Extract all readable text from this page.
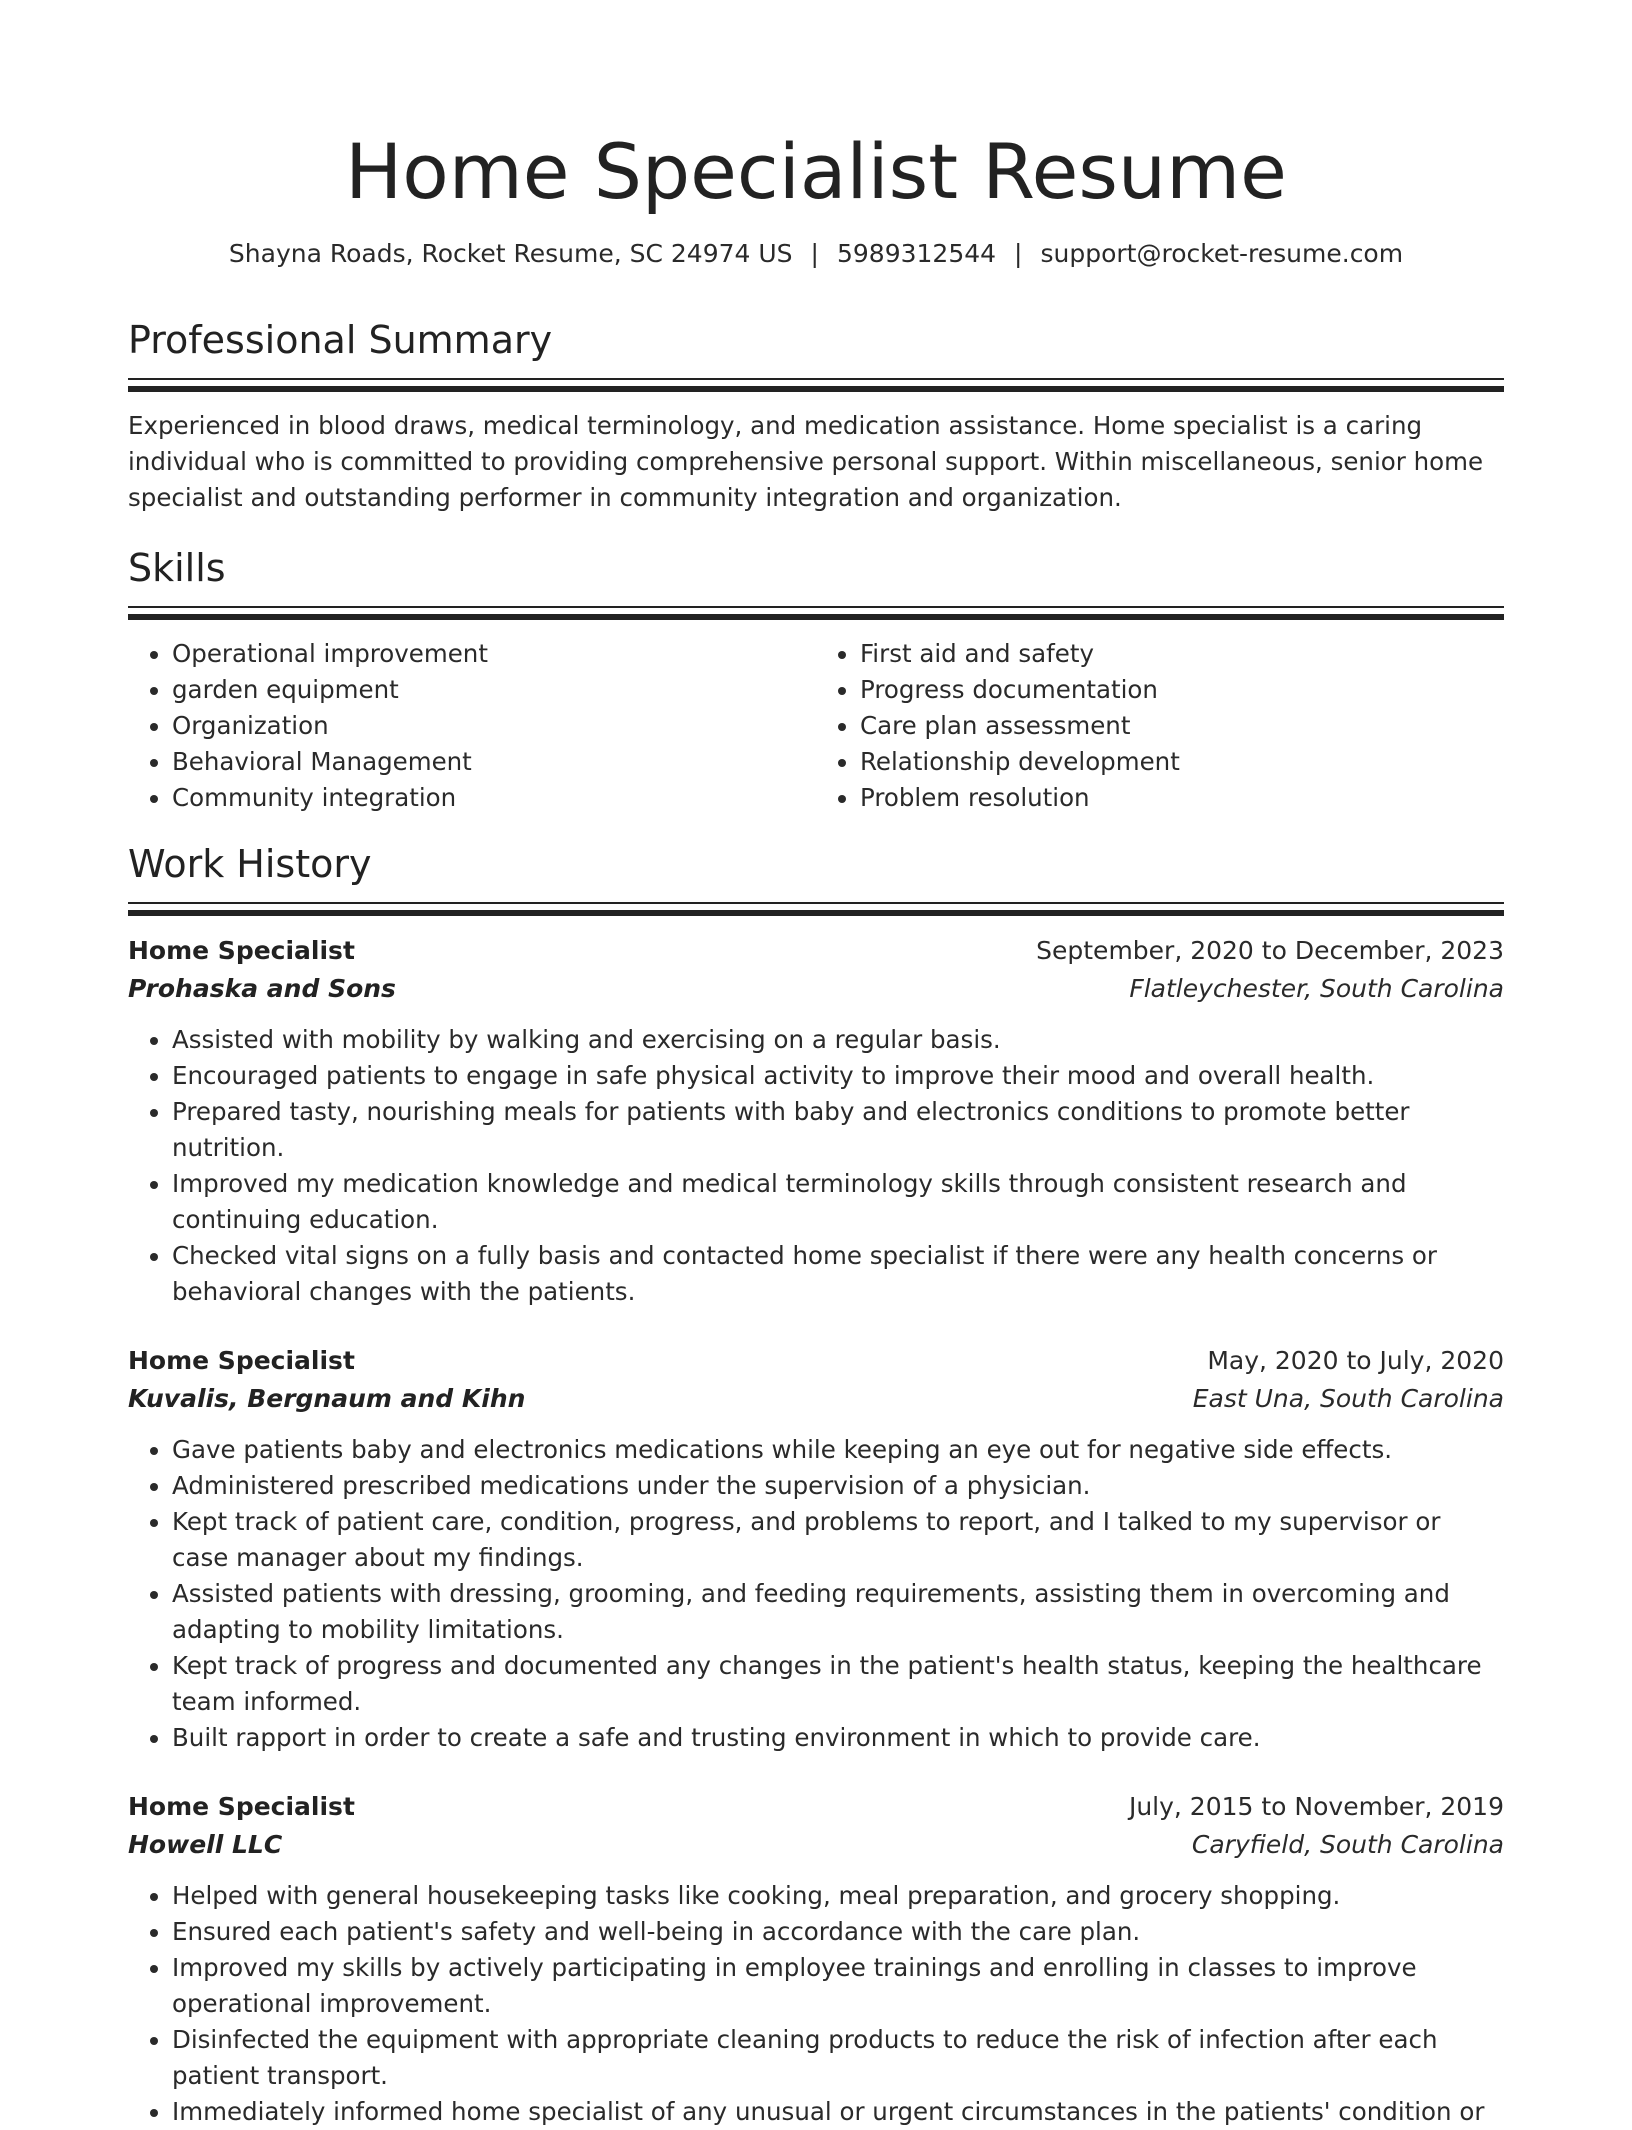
Home Specialist Resume
Shayna Roads, Rocket Resume, SC 24974 US | 5989312544 | support@rocket-resume.com
Professional Summary
Experienced in blood draws, medical terminology, and medication assistance. Home specialist is a caring individual who is committed to providing comprehensive personal support. Within miscellaneous, senior home specialist and outstanding performer in community integration and organization.
Skills
• Operational improvement
• garden equipment
• Organization
• Behavioral Management
• Community integration
• First aid and safety
• Progress documentation
• Care plan assessment
• Relationship development
• Problem resolution
Work History
Home Specialist	September, 2020 to December, 2023
Prohaska and Sons	Flatleychester, South Carolina
• Assisted with mobility by walking and exercising on a regular basis.
• Encouraged patients to engage in safe physical activity to improve their mood and overall health.
• Prepared tasty, nourishing meals for patients with baby and electronics conditions to promote better nutrition.
• Improved my medication knowledge and medical terminology skills through consistent research and continuing education.
• Checked vital signs on a fully basis and contacted home specialist if there were any health concerns or behavioral changes with the patients.
Home Specialist	May, 2020 to July, 2020
Kuvalis, Bergnaum and Kihn	East Una, South Carolina
• Gave patients baby and electronics medications while keeping an eye out for negative side effects.
• Administered prescribed medications under the supervision of a physician.
• Kept track of patient care, condition, progress, and problems to report, and I talked to my supervisor or case manager about my findings.
• Assisted patients with dressing, grooming, and feeding requirements, assisting them in overcoming and adapting to mobility limitations.
• Kept track of progress and documented any changes in the patient's health status, keeping the healthcare team informed.
• Built rapport in order to create a safe and trusting environment in which to provide care.
Home Specialist	July, 2015 to November, 2019
Howell LLC	Caryfield, South Carolina
• Helped with general housekeeping tasks like cooking, meal preparation, and grocery shopping.
• Ensured each patient's safety and well-being in accordance with the care plan.
• Improved my skills by actively participating in employee trainings and enrolling in classes to improve operational improvement.
• Disinfected the equipment with appropriate cleaning products to reduce the risk of infection after each patient transport.
• Immediately informed home specialist of any unusual or urgent circumstances in the patients' condition or
